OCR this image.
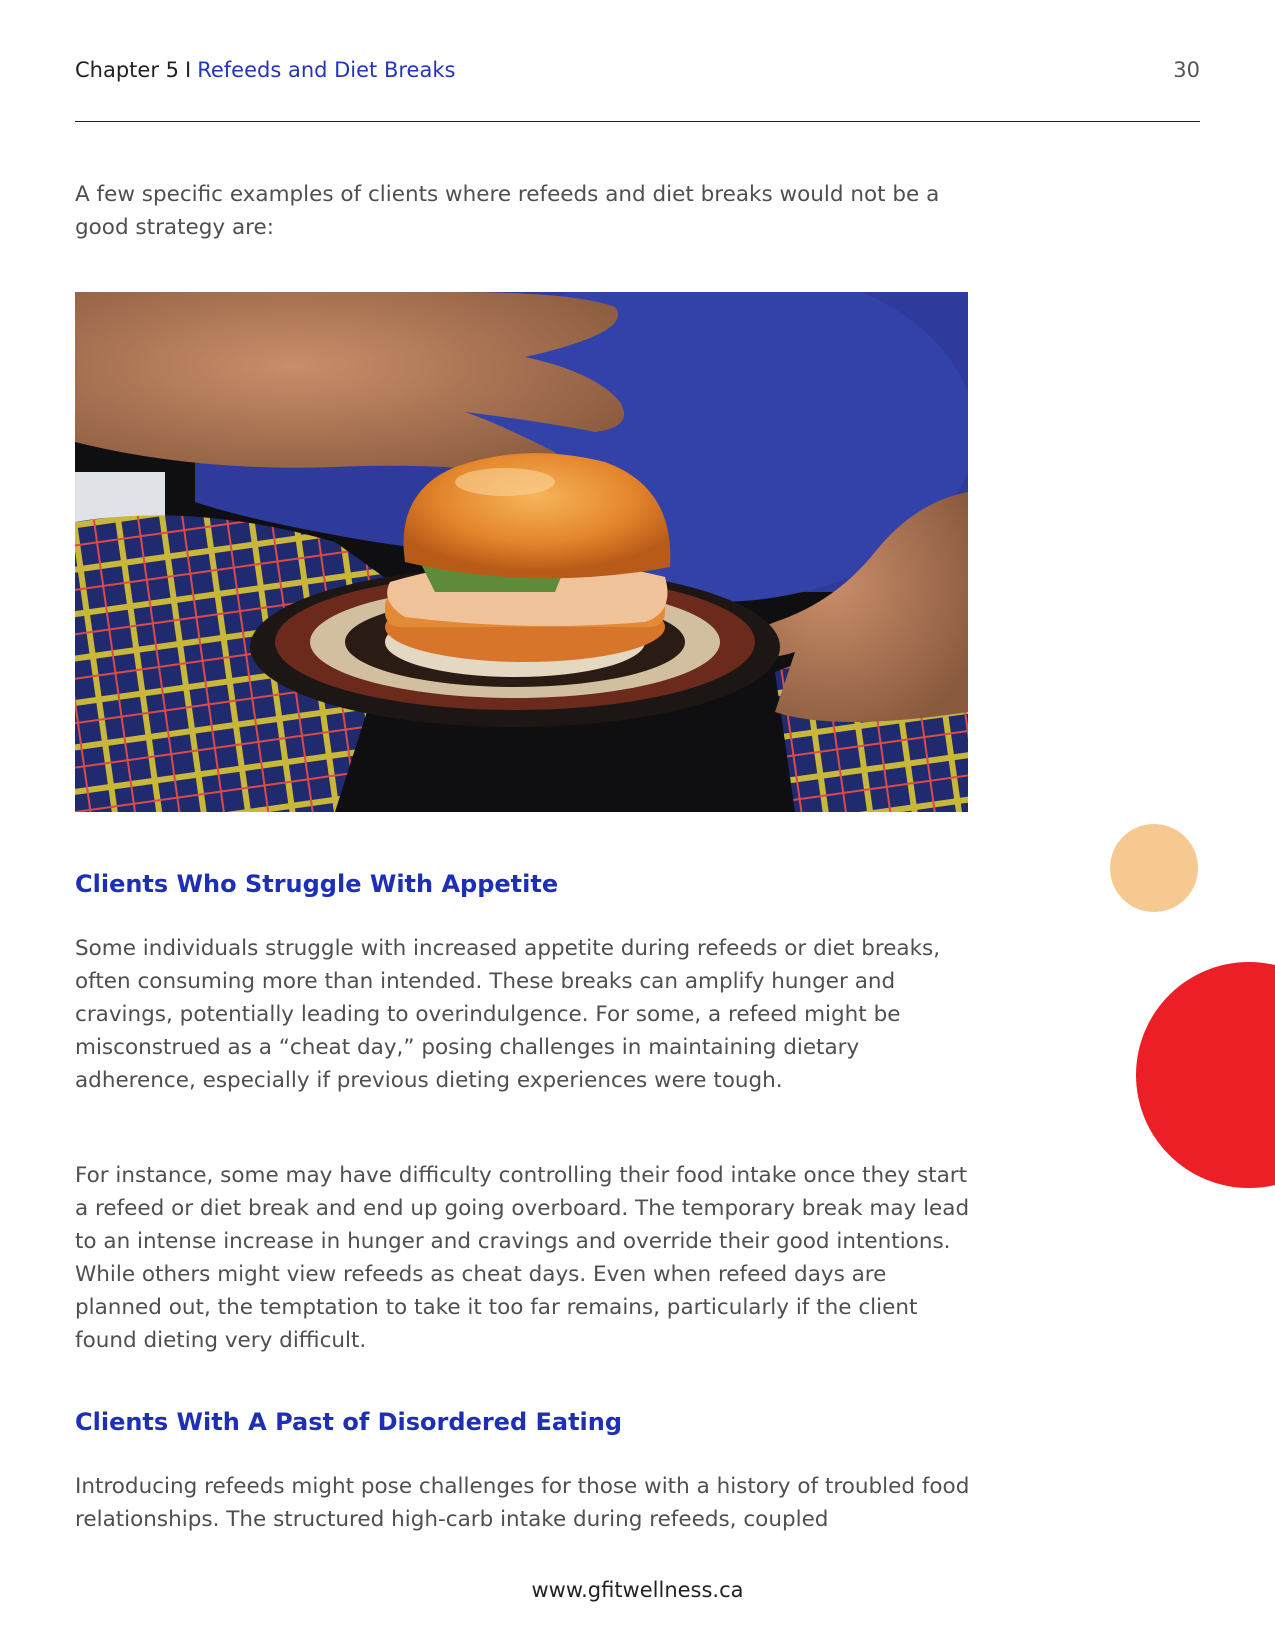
Chapter 5 I Refeeds and Diet Breaks	30

A few specific examples of clients where refeeds and diet breaks would not be a good strategy are:

Clients Who Struggle With Appetite

Some individuals struggle with increased appetite during refeeds or diet breaks, often consuming more than intended. These breaks can amplify hunger and cravings, potentially leading to overindulgence. For some, a refeed might be misconstrued as a “cheat day,” posing challenges in maintaining dietary adherence, especially if previous dieting experiences were tough.

For instance, some may have difficulty controlling their food intake once they start a refeed or diet break and end up going overboard. The temporary break may lead to an intense increase in hunger and cravings and override their good intentions. While others might view refeeds as cheat days. Even when refeed days are planned out, the temptation to take it too far remains, particularly if the client found dieting very difficult.

Clients With A Past of Disordered Eating

Introducing refeeds might pose challenges for those with a history of troubled food relationships. The structured high-carb intake during refeeds, coupled

www.gfitwellness.ca
